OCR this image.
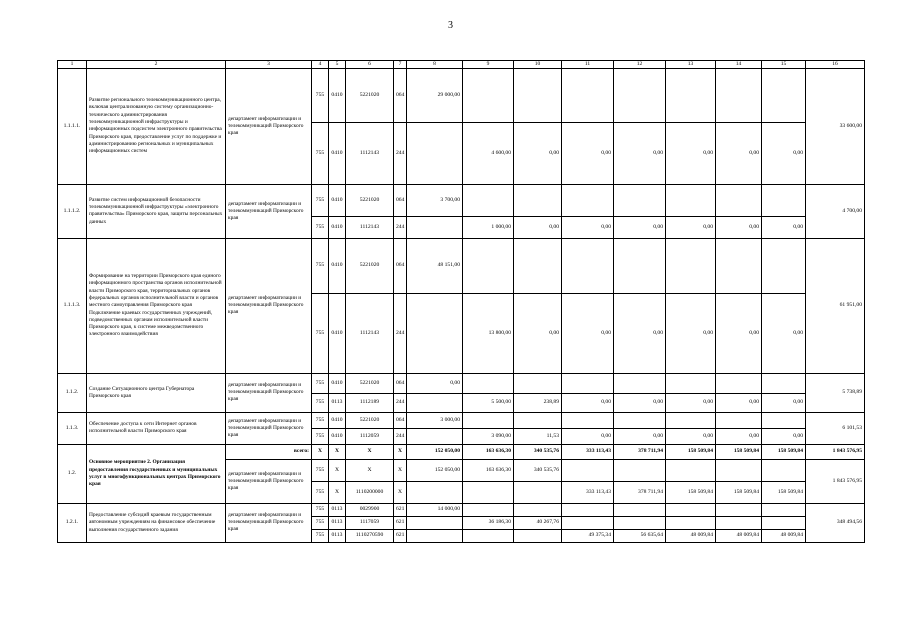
3
1	2	3	4	5	6	7	8	9	10	11	12	13	14	15	16
1.1.1.1.	Развитие регионального телекоммуникационного центра, включая централизованную систему организационно-технического администрирования телекоммуникационной инфраструктуры и информационных подсистем электронного правительства Приморского края, предоставление услуг по поддержке и администрированию региональных и муниципальных информационных систем	департамент информатизации и телекоммуникаций Приморского края	755	0410	5221020	064	29 000,00								33 600,00
			755	0410	1112143	244		4 600,00	0,00	0,00	0,00	0,00	0,00	0,00	
1.1.1.2.	Развитие систем информационной безопасности телекоммуникационной инфраструктуры «электронного правительства» Приморского края, защиты персональных данных	департамент информатизации и телекоммуникаций Приморского края	755	0410	5221020	064	3 700,00								4 700,00
			755	0410	1112143	244		1 000,00	0,00	0,00	0,00	0,00	0,00	0,00	
1.1.1.3.	Формирование на территории Приморского края единого информационного пространства органов исполнительной власти Приморского края, территориальных органов федеральных органов исполнительной власти и органов местного самоуправления Приморского края Подключение краевых государственных учреждений, подведомственных органам исполнительной власти Приморского края, к системе межведомственного электронного взаимодействия	департамент информатизации и телекоммуникаций Приморского края	755	0410	5221020	064	48 151,00								61 951,00
			755	0410	1112143	244		13 800,00	0,00	0,00	0,00	0,00	0,00	0,00	
1.1.2.	Создание Ситуационного центра Губернатора Приморского края	департамент информатизации и телекоммуникаций Приморского края	755	0410	5221020	064	0,00								5 738,89
			755	0113	1112189	244		5 500,00	238,89	0,00	0,00	0,00	0,00	0,00	
1.1.3.	Обеспечение доступа к сети Интернет органов исполнительной власти Приморского края	департамент информатизации и телекоммуникаций Приморского края	755	0410	5221020	064	3 000,00								6 101,53
			755	0410	1112059	244		3 090,00	11,53	0,00	0,00	0,00	0,00	0,00	
1.2.	Основное мероприятие 2. Организация предоставления государственных и муниципальных услуг в многофункциональных центрах Приморского края	всего:	X	X	X	X	152 050,00	163 636,30	340 535,76	333 113,43	378 711,94	158 509,84	158 509,84	158 509,84	1 843 576,95
		департамент информатизации и телекоммуникаций Приморского края	755	X	X	X	152 050,00	163 636,30	340 535,76						1 843 576,95
			755	X	1110200000	X				333 113,43	378 711,94	158 509,84	158 509,84	158 509,84	
1.2.1.	Предоставление субсидий краевым государственным автономным учреждениям на финансовое обеспечение выполнения государственного задания	департамент информатизации и телекоммуникаций Приморского края	755	0113	0029900	621	14 000,00								348 494,56
			755	0113	1117059	621		36 186,30	40 267,76						
			755	0113	1110270590	621				49 375,34	56 635,64	48 009,84	48 009,84	48 009,84	
